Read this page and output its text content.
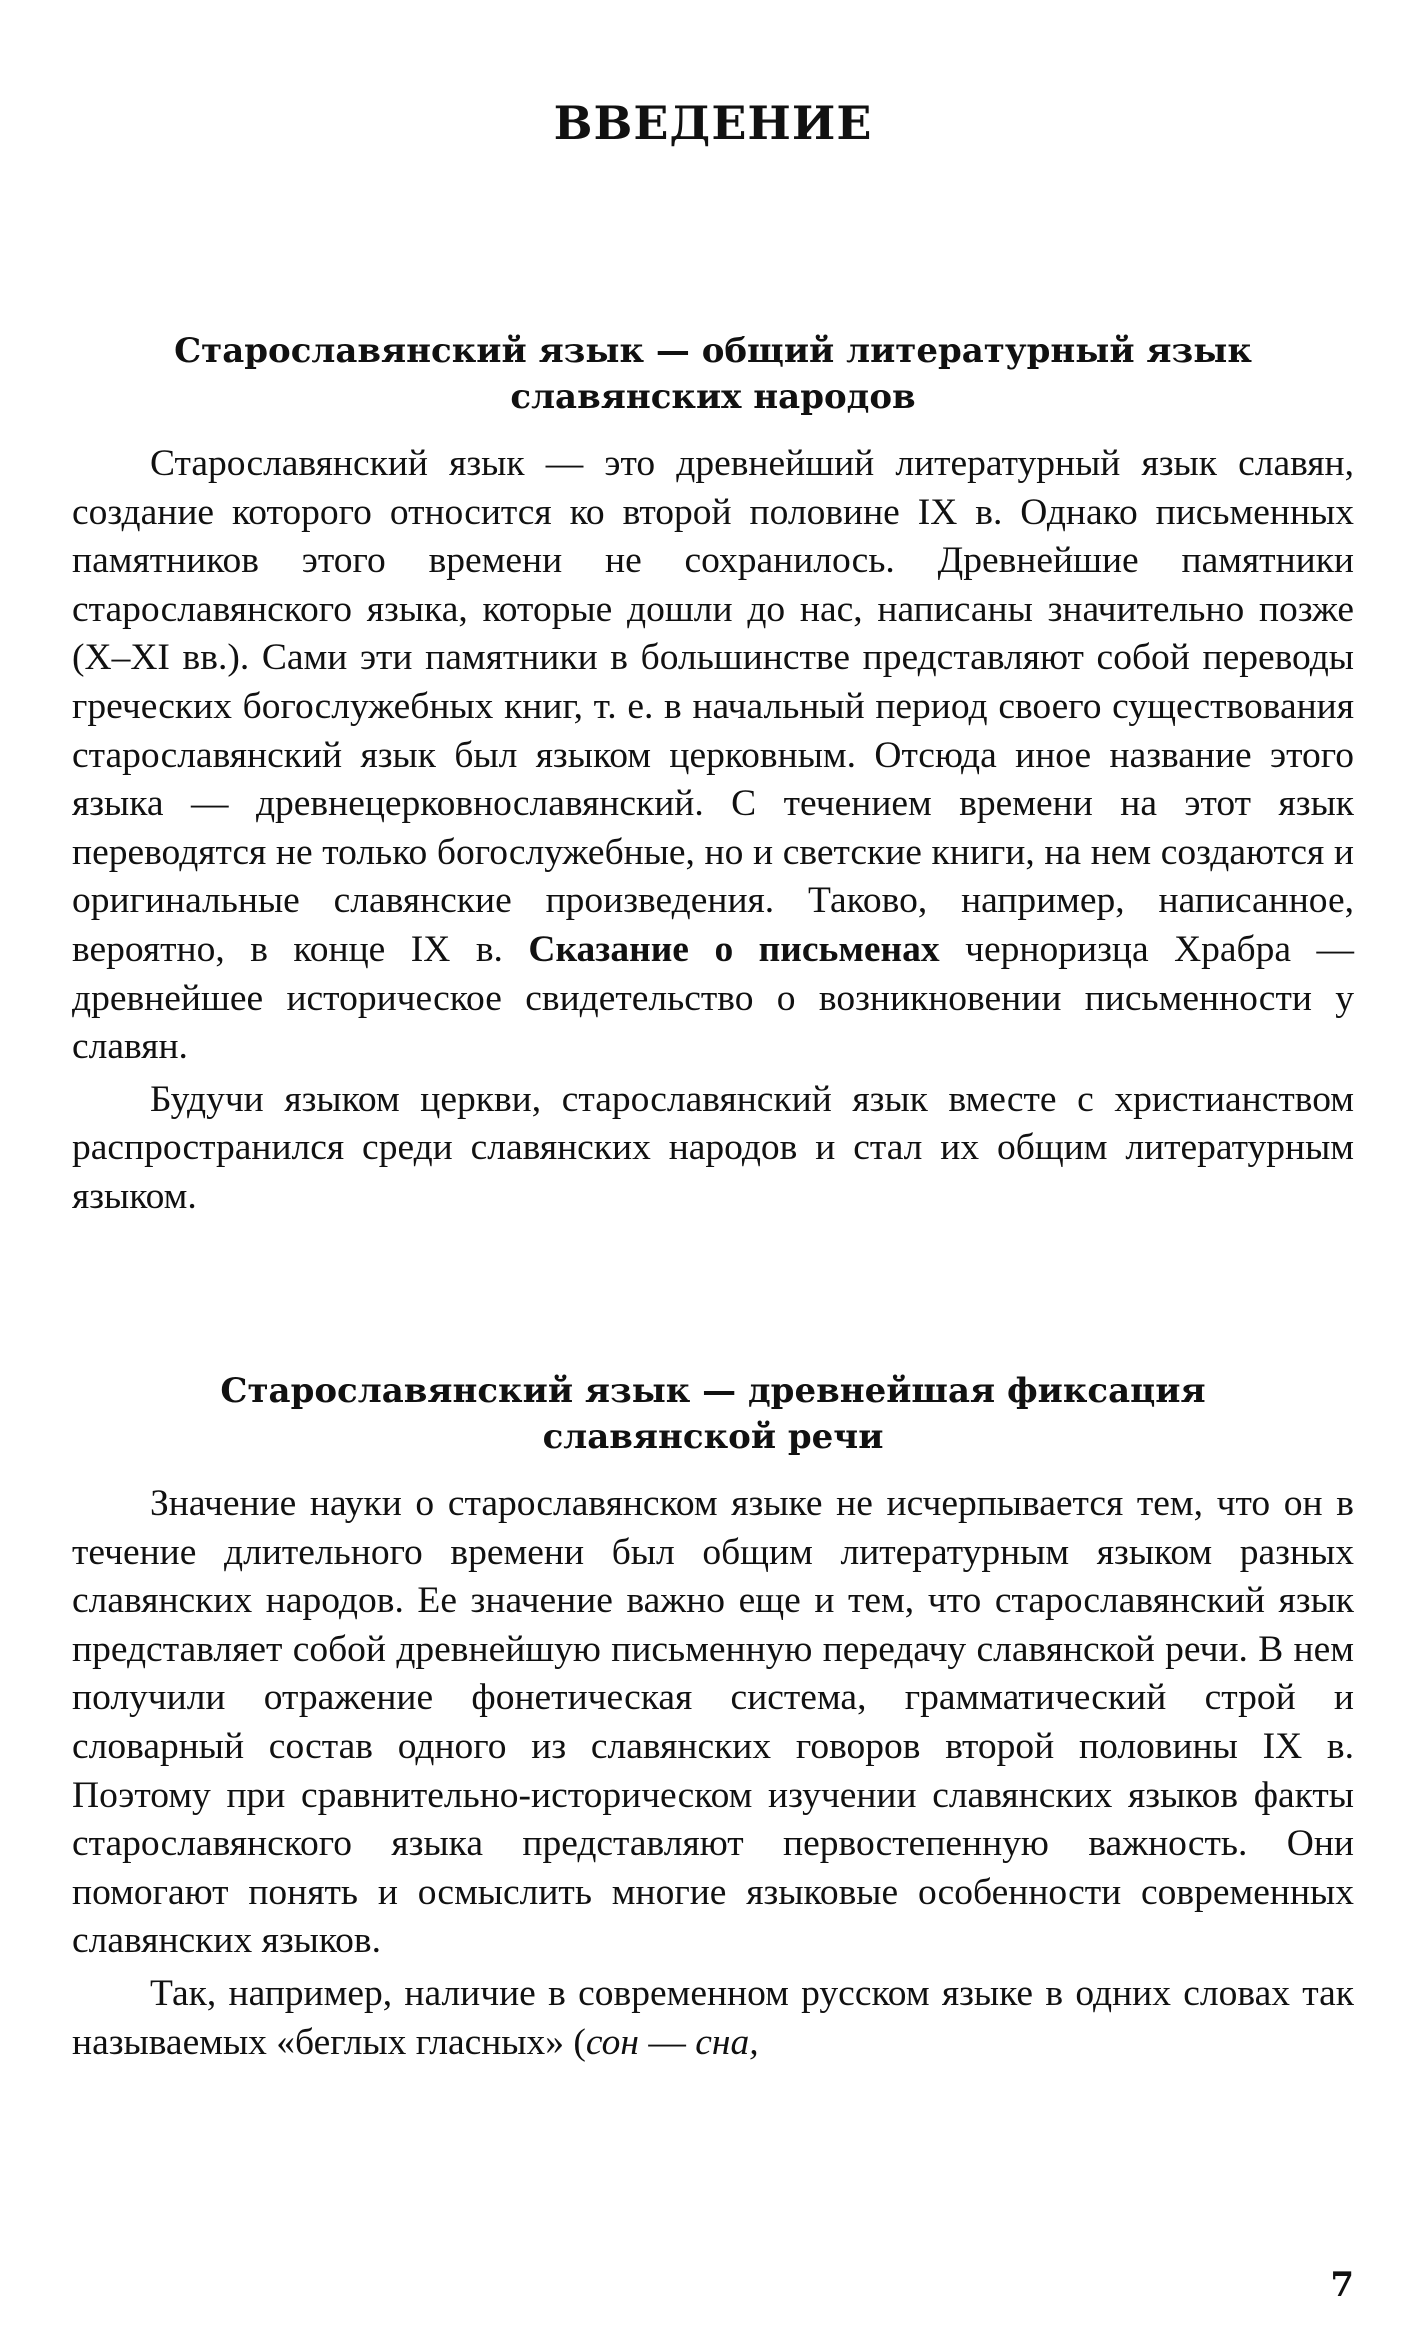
ВВЕДЕНИЕ
Старославянский язык — общий литературный язык
славянских народов

Старославянский язык — это древнейший литературный язык славян, создание которого относится ко второй половине IX в. Однако письменных памятников этого времени не сохранилось. Древнейшие памятники старославянского языка, которые дошли до нас, написаны значительно позже (X–XI вв.). Сами эти памятники в большинстве представляют собой переводы греческих богослужебных книг, т. е. в начальный период своего существования старославянский язык был языком церковным. Отсюда иное название этого языка — древнецерковнославянский. С течением времени на этот язык переводятся не только богослужебные, но и светские книги, на нем создаются и оригинальные славянские произведения. Таково, например, написанное, вероятно, в конце IX в. Сказание о письменах черноризца Храбра — древнейшее историческое свидетельство о возникновении письменности у славян.

Будучи языком церкви, старославянский язык вместе с христианством распространился среди славянских народов и стал их общим литературным языком.

Старославянский язык — древнейшая фиксация
славянской речи

Значение науки о старославянском языке не исчерпывается тем, что он в течение длительного времени был общим литературным языком разных славянских народов. Ее значение важно еще и тем, что старославянский язык представляет собой древнейшую письменную передачу славянской речи. В нем получили отражение фонетическая система, грамматический строй и словарный состав одного из славянских говоров второй половины IX в. Поэтому при сравнительно-историческом изучении славянских языков факты старославянского языка представляют первостепенную важность. Они помогают понять и осмыслить многие языковые особенности современных славянских языков.

Так, например, наличие в современном русском языке в одних словах так называемых «беглых гласных» (сон — сна,

7
